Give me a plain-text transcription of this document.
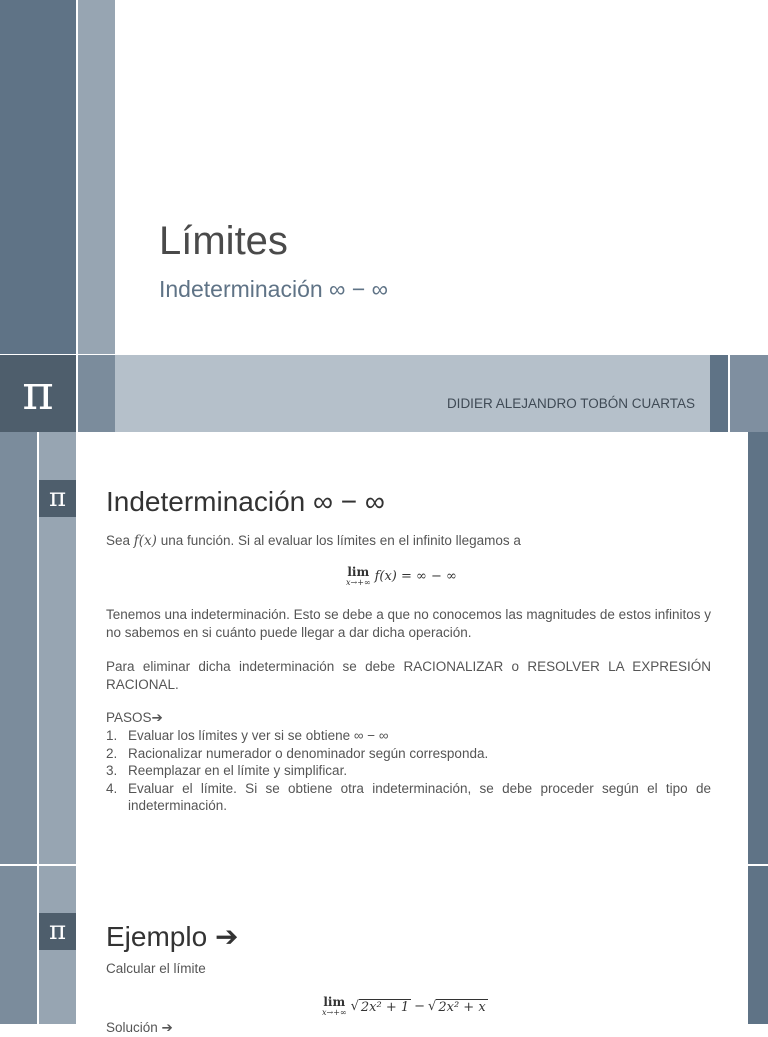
Límites
Indeterminación ∞ − ∞
π	DIDIER ALEJANDRO TOBÓN CUARTAS
π	Indeterminación ∞ − ∞
Sea f(x) una función. Si al evaluar los límites en el infinito llegamos a
lim
x→+∞ f(x) = ∞ − ∞
Tenemos una indeterminación. Esto se debe a que no conocemos las magnitudes de estos infinitos y no sabemos en si cuánto puede llegar a dar dicha operación.
Para eliminar dicha indeterminación se debe RACIONALIZAR o RESOLVER LA EXPRESIÓN RACIONAL.
PASOS➔
1. Evaluar los límites y ver si se obtiene ∞ − ∞
2. Racionalizar numerador o denominador según corresponda.
3. Reemplazar en el límite y simplificar.
4. Evaluar el límite. Si se obtiene otra indeterminación, se debe proceder según el tipo de indeterminación.
π	Ejemplo ➔
Calcular el límite
lim
x→+∞ √ 2x² + 1 − √ 2x² + x
Solución ➔
